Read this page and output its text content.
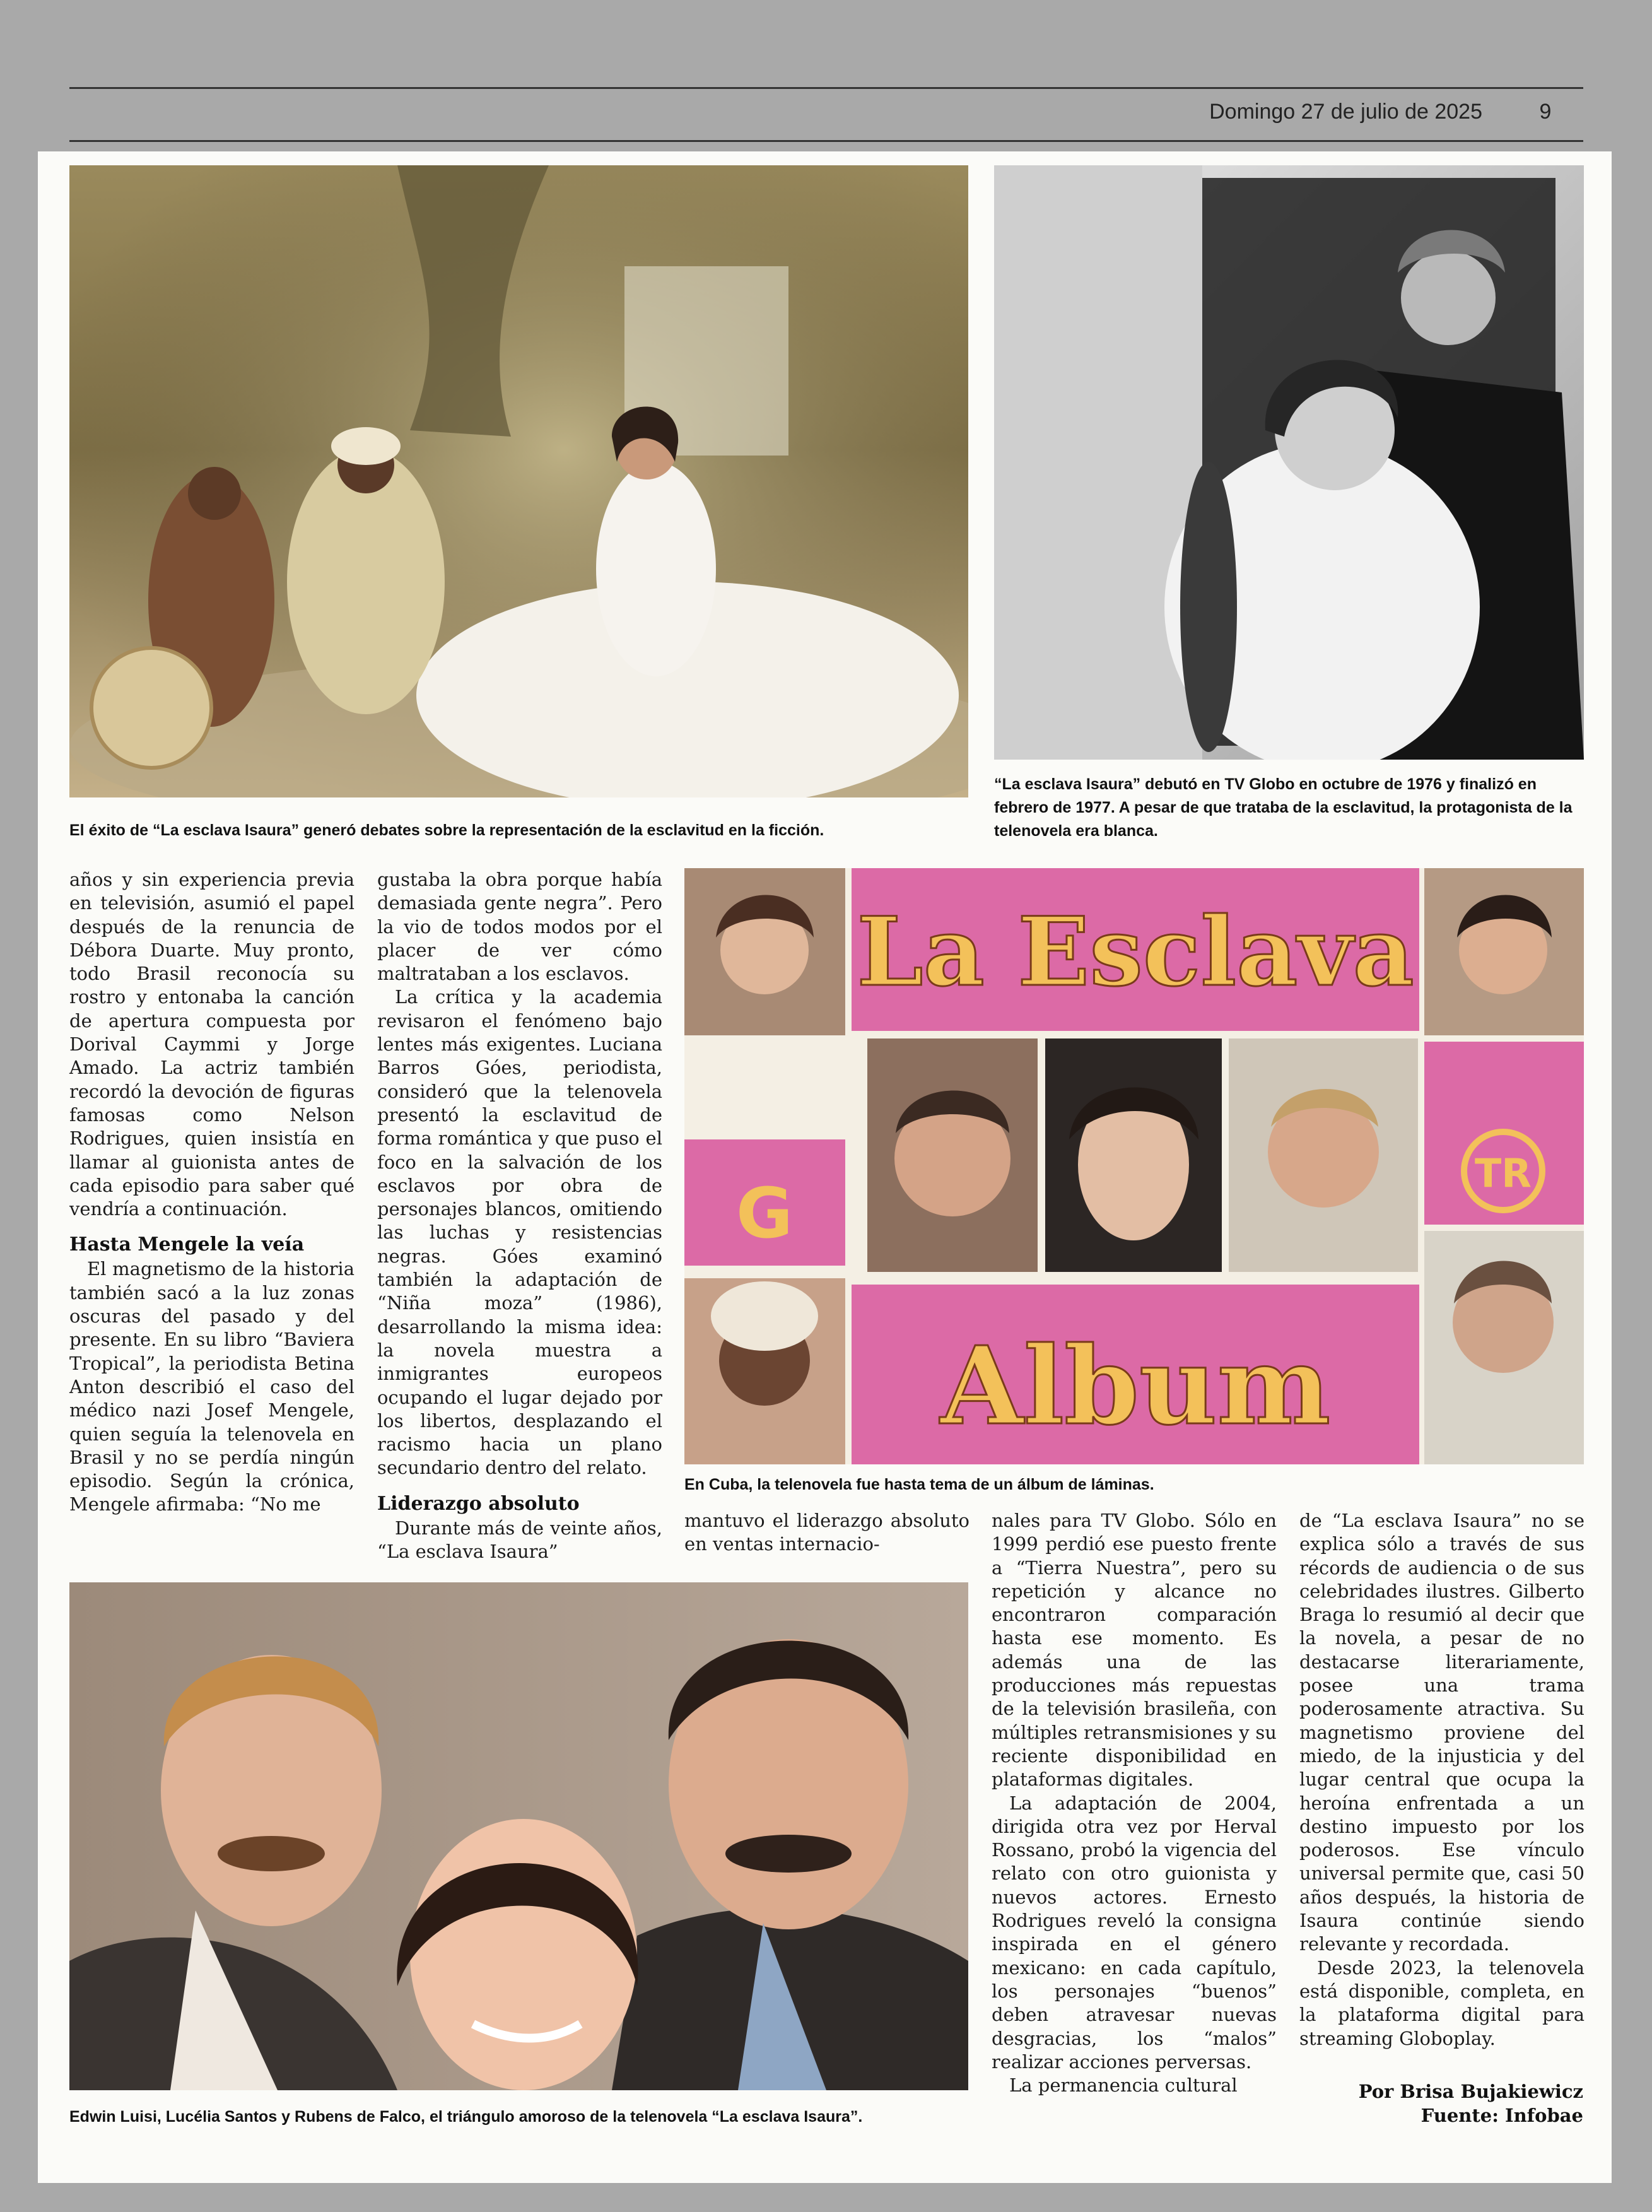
Domingo 27 de julio de 2025	9
El éxito de “La esclava Isaura” generó debates sobre la representación de la esclavitud en la ficción.
“La esclava Isaura” debutó en TV Globo en octubre de 1976 y finalizó en febrero de 1977. A pesar de que trataba de la esclavitud, la protagonista de la telenovela era blanca.
La Esclava
Album
G	TR
En Cuba, la telenovela fue hasta tema de un álbum de láminas.
Edwin Luisi, Lucélia Santos y Rubens de Falco, el triángulo amoroso de la telenovela “La esclava Isaura”.

años y sin experiencia previa en televisión, asumió el papel después de la renuncia de Débora Duarte. Muy pronto, todo Brasil reconocía su rostro y entonaba la canción de apertura compuesta por Dorival Caymmi y Jorge Amado. La actriz también recordó la devoción de figuras famosas como Nelson Rodrigues, quien insistía en llamar al guionista antes de cada episodio para saber qué vendría a continuación.

Hasta Mengele la veía

El magnetismo de la historia también sacó a la luz zonas oscuras del pasado y del presente. En su libro “Baviera Tropical”, la periodista Betina Anton describió el caso del médico nazi Josef Mengele, quien seguía la telenovela en Brasil y no se perdía ningún episodio. Según la crónica, Mengele afirmaba: “No me

gustaba la obra porque había demasiada gente negra”. Pero la vio de todos modos por el placer de ver cómo maltrataban a los esclavos.

La crítica y la academia revisaron el fenómeno bajo lentes más exigentes. Luciana Barros Góes, periodista, consideró que la telenovela presentó la esclavitud de forma romántica y que puso el foco en la salvación de los esclavos por obra de personajes blancos, omitiendo las luchas y resistencias negras. Góes examinó también la adaptación de “Niña moza” (1986), desarrollando la misma idea: la novela muestra a inmigrantes europeos ocupando el lugar dejado por los libertos, desplazando el racismo hacia un plano secundario dentro del relato.

Liderazgo absoluto

Durante más de veinte años, “La esclava Isaura”

mantuvo el liderazgo absoluto en ventas internacio-

nales para TV Globo. Sólo en 1999 perdió ese puesto frente a “Tierra Nuestra”, pero su repetición y alcance no encontraron comparación hasta ese momento. Es además una de las producciones más repuestas de la televisión brasileña, con múltiples retransmisiones y su reciente disponibilidad en plataformas digitales.

La adaptación de 2004, dirigida otra vez por Herval Rossano, probó la vigencia del relato con otro guionista y nuevos actores. Ernesto Rodrigues reveló la consigna inspirada en el género mexicano: en cada capítulo, los personajes “buenos” deben atravesar nuevas desgracias, los “malos” realizar acciones perversas.

La permanencia cultural

de “La esclava Isaura” no se explica sólo a través de sus récords de audiencia o de sus celebridades ilustres. Gilberto Braga lo resumió al decir que la novela, a pesar de no destacarse literariamente, posee una trama poderosamente atractiva. Su magnetismo proviene del miedo, de la injusticia y del lugar central que ocupa la heroína enfrentada a un destino impuesto por los poderosos. Ese vínculo universal permite que, casi 50 años después, la historia de Isaura continúe siendo relevante y recordada.

Desde 2023, la telenovela está disponible, completa, en la plataforma digital para streaming Globoplay.

Por Brisa Bujakiewicz
Fuente: Infobae
